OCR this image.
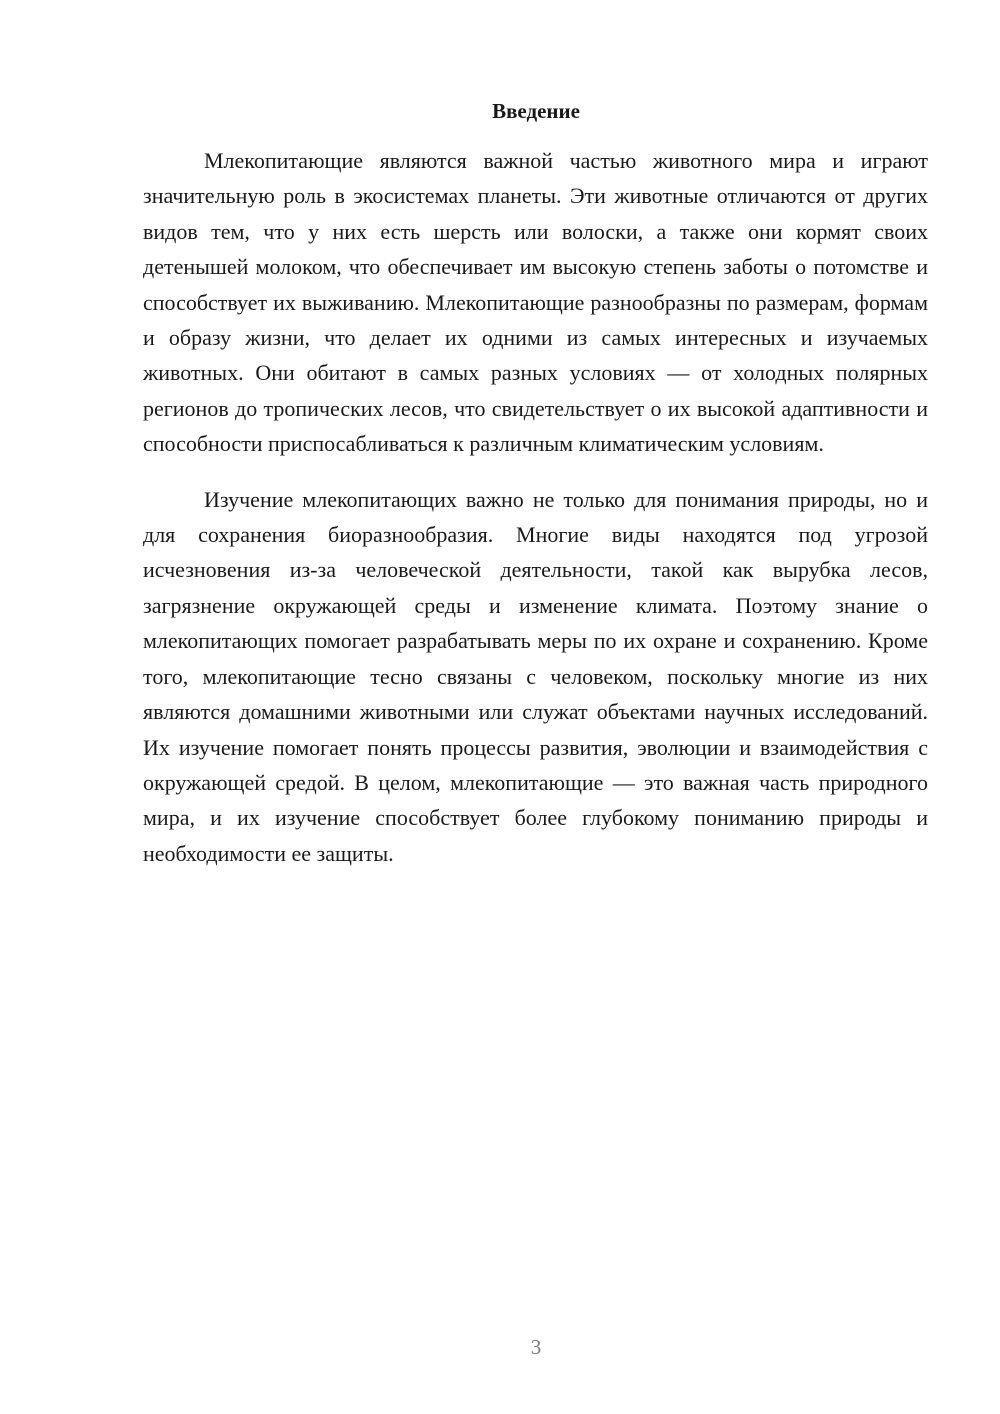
Введение

Млекопитающие являются важной частью животного мира и играют значительную роль в экосистемах планеты. Эти животные отличаются от других видов тем, что у них есть шерсть или волоски, а также они кормят своих детенышей молоком, что обеспечивает им высокую степень заботы о потомстве и способствует их выживанию. Млекопитающие разнообразны по размерам, формам и образу жизни, что делает их одними из самых интересных и изучаемых животных. Они обитают в самых разных условиях — от холодных полярных регионов до тропических лесов, что свидетельствует о их высокой адаптивности и способности приспосабливаться к различным климатическим условиям.

Изучение млекопитающих важно не только для понимания природы, но и для сохранения биоразнообразия. Многие виды находятся под угрозой исчезновения из-за человеческой деятельности, такой как вырубка лесов, загрязнение окружающей среды и изменение климата. Поэтому знание о млекопитающих помогает разрабатывать меры по их охране и сохранению. Кроме того, млекопитающие тесно связаны с человеком, поскольку многие из них являются домашними животными или служат объектами научных исследований. Их изучение помогает понять процессы развития, эволюции и взаимодействия с окружающей средой. В целом, млекопитающие — это важная часть природного мира, и их изучение способствует более глубокому пониманию природы и необходимости ее защиты.

3
